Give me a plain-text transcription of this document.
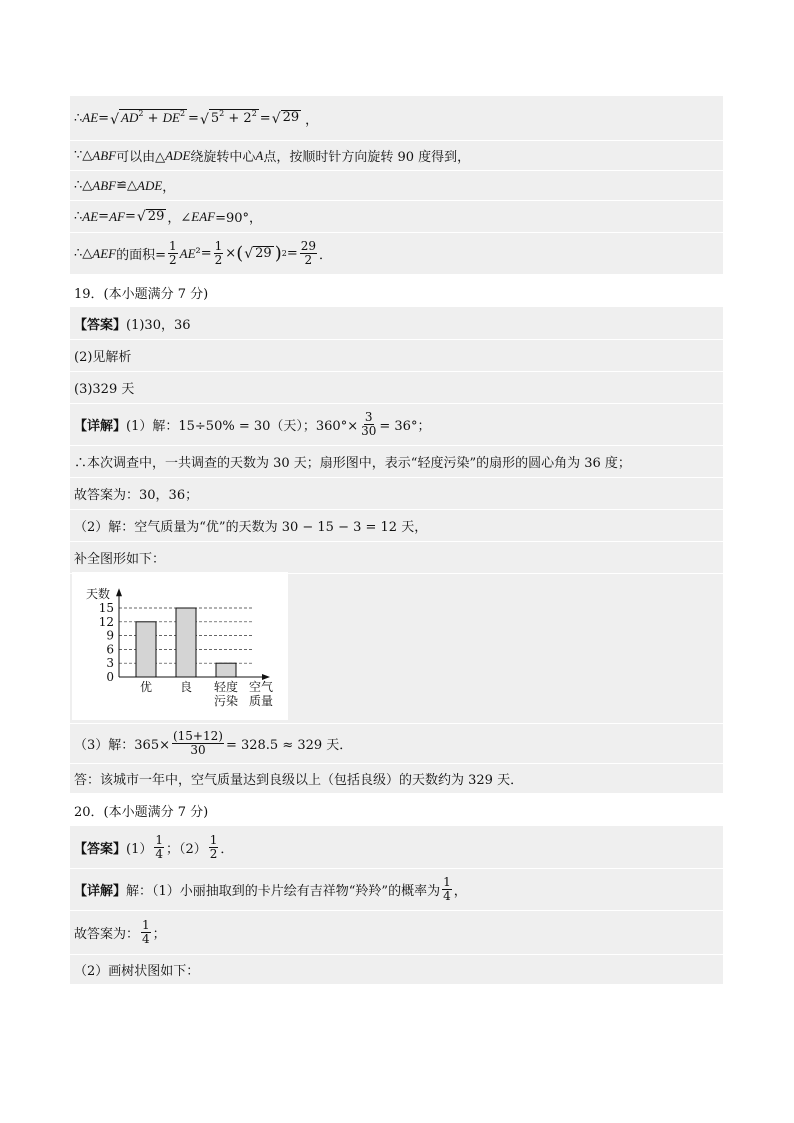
∴ AE = √ $AD^2 + DE^2$ = √ $5^2 + 2^2$ = √ 29 ，
∵△ ABF 可以由△ ADE 绕旋转中心 A 点，按顺时针方向旋转 90 度得到，
∴△ ABF ≌△ ADE ，
∴ AE = AF = √ 29 ，∠ EAF =90°，
∴△ AEF 的面积= $\frac{1}{2}$ AE $^2= \frac{1}{2}$ × ( √ 29 ) $2 = \frac{29}{2}$ ．
19．(本小题满分 7 分)
【答案】 (1)30，36
(2)见解析
(3)329 天
【详解】 (1）解：15÷50% = 30（天）；$360^\circ\times \frac{3}{30} = 36^\circ$；
∴本次调查中，一共调查的天数为 30 天；扇形图中，表示“轻度污染”的扇形的圆心角为 36 度；
故答案为：30，36；
（2）解：空气质量为“优”的天数为 30 − 15 − 3 = 12 天，
补全图形如下：
0
3
6
9
12
15
天数
优 良 轻度
污染
空气
质量
（3）解：$365\times \frac{(15+12)}{30} = 328.5 \approx 329$ 天．
答：该城市一年中，空气质量达到良级以上（包括良级）的天数约为 329 天．
20．(本小题满分 7 分)
【答案】 $(1) \frac{1}{4}$ ；$(2) \frac{1}{2}$ ．
【详解】 解：（1）小丽抽取到的卡片绘有吉祥物“羚羚”的概率为 $\frac{1}{4}$ ，
故答案为： $\frac{1}{4}$ ；
（2）画树状图如下：
